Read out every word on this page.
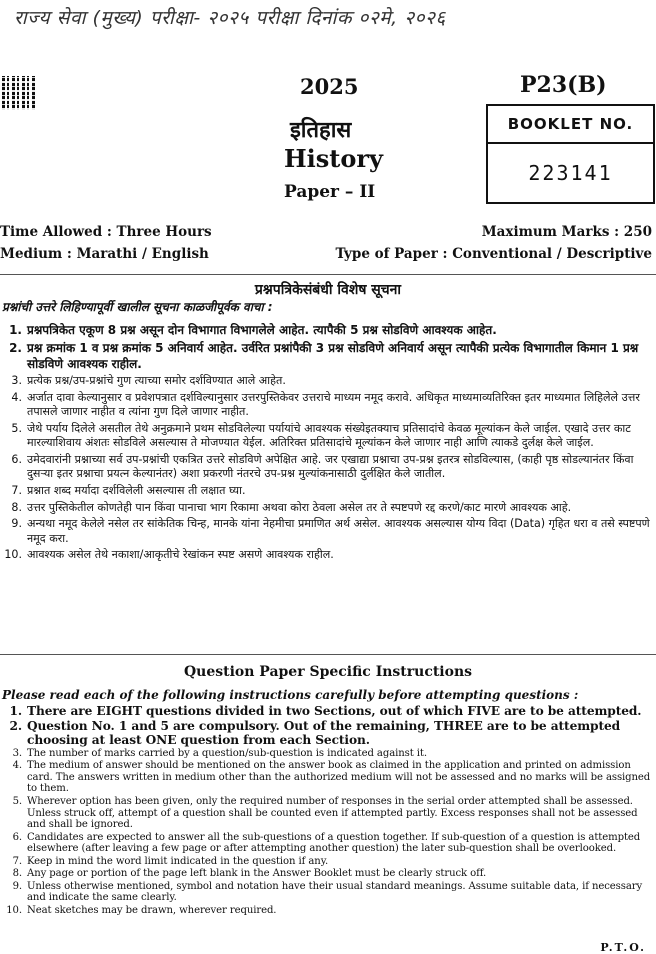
राज्य सेवा (मुख्य) परीक्षा- २०२५ परीक्षा दिनांक ०२मे, २०२६
2025	P23(B)
BOOKLET NO.
223141
इतिहास
History
Paper – II
Time Allowed : Three Hours	Maximum Marks : 250
Medium : Marathi / English	Type of Paper : Conventional / Descriptive
प्रश्नपत्रिकेसंबंधी विशेष सूचना
प्रश्नांची उत्तरे लिहिण्यापूर्वी खालील सूचना काळजीपूर्वक वाचा :
1. प्रश्नपत्रिकेत एकूण 8 प्रश्न असून दोन विभागात विभागलेले आहेत. त्यापैकी 5 प्रश्न सोडविणे आवश्यक आहेत.
2. प्रश्न क्रमांक 1 व प्रश्न क्रमांक 5 अनिवार्य आहेत. उर्वरित प्रश्नांपैकी 3 प्रश्न सोडविणे अनिवार्य असून त्यापैकी प्रत्येक विभागातील किमान 1 प्रश्न सोडविणे आवश्यक राहील.
3. प्रत्येक प्रश्न/उप-प्रश्नांचे गुण त्याच्या समोर दर्शविण्यात आले आहेत.
4. अर्जात दावा केल्यानुसार व प्रवेशपत्रात दर्शविल्यानुसार उत्तरपुस्तिकेवर उत्तराचे माध्यम नमूद करावे. अधिकृत माध्यमाव्यतिरिक्त इतर माध्यमात लिहिलेले उत्तर तपासले जाणार नाहीत व त्यांना गुण दिले जाणार नाहीत.
5. जेथे पर्याय दिलेले असतील तेथे अनुक्रमाने प्रथम सोडविलेल्या पर्यायांचे आवश्यक संख्येइतक्याच प्रतिसादांचे केवळ मूल्यांकन केले जाईल. एखादे उत्तर काट मारल्याशिवाय अंशतः सोडविले असल्यास ते मोजण्यात येईल. अतिरिक्त प्रतिसादांचे मूल्यांकन केले जाणार नाही आणि त्याकडे दुर्लक्ष केले जाईल.
6. उमेदवारांनी प्रश्नाच्या सर्व उप-प्रश्नांची एकत्रित उत्तरे सोडविणे अपेक्षित आहे. जर एखाद्या प्रश्नाचा उप-प्रश्न इतरत्र सोडविल्यास, (काही पृष्ठ सोडल्यानंतर किंवा दुसऱ्या इतर प्रश्नाचा प्रयत्न केल्यानंतर) अशा प्रकरणी नंतरचे उप-प्रश्न मुल्यांकनासाठी दुर्लक्षित केले जातील.
7. प्रश्नात शब्द मर्यादा दर्शविलेली असल्यास ती लक्षात घ्या.
8. उत्तर पुस्तिकेतील कोणतेही पान किंवा पानाचा भाग रिकामा अथवा कोरा ठेवला असेल तर ते स्पष्टपणे रद्द करणे/काट मारणे आवश्यक आहे.
9. अन्यथा नमूद केलेले नसेल तर सांकेतिक चिन्ह, मानके यांना नेहमीचा प्रमाणित अर्थ असेल. आवश्यक असल्यास योग्य विदा (Data) गृहित धरा व तसे स्पष्टपणे नमूद करा.
10. आवश्यक असेल तेथे नकाशा/आकृतीचे रेखांकन स्पष्ट असणे आवश्यक राहील.
Question Paper Specific Instructions
Please read each of the following instructions carefully before attempting questions :
1. There are EIGHT questions divided in two Sections, out of which FIVE are to be attempted.
2. Question No. 1 and 5 are compulsory. Out of the remaining, THREE are to be attempted choosing at least ONE question from each Section.
3. The number of marks carried by a question/sub-question is indicated against it.
4. The medium of answer should be mentioned on the answer book as claimed in the application and printed on admission card. The answers written in medium other than the authorized medium will not be assessed and no marks will be assigned to them.
5. Wherever option has been given, only the required number of responses in the serial order attempted shall be assessed. Unless struck off, attempt of a question shall be counted even if attempted partly. Excess responses shall not be assessed and shall be ignored.
6. Candidates are expected to answer all the sub-questions of a question together. If sub-question of a question is attempted elsewhere (after leaving a few page or after attempting another question) the later sub-question shall be overlooked.
7. Keep in mind the word limit indicated in the question if any.
8. Any page or portion of the page left blank in the Answer Booklet must be clearly struck off.
9. Unless otherwise mentioned, symbol and notation have their usual standard meanings. Assume suitable data, if necessary and indicate the same clearly.
10. Neat sketches may be drawn, wherever required.
P.T.O.
